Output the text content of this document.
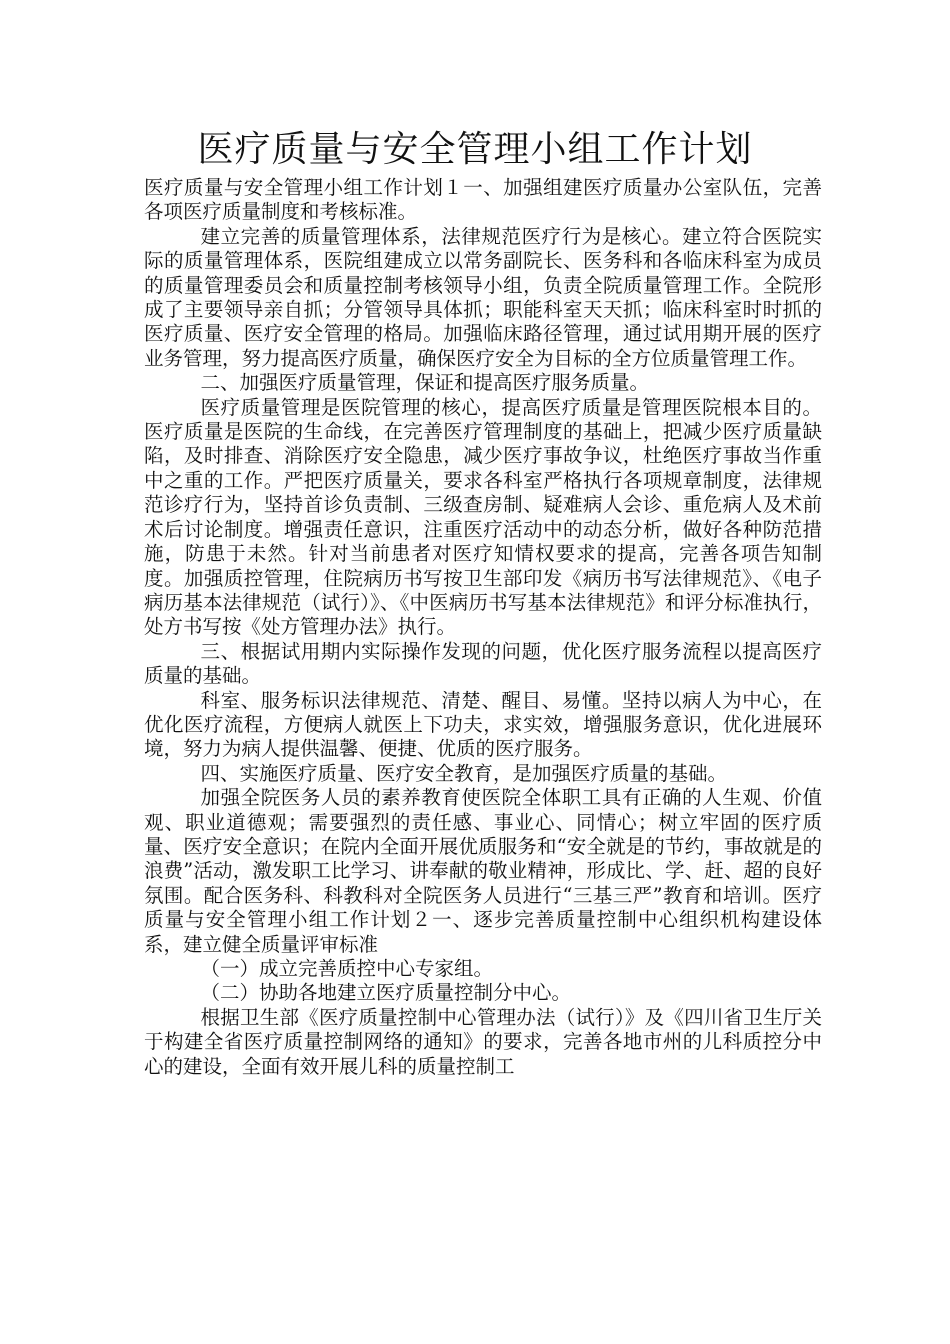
医疗质量与安全管理小组工作计划

医疗质量与安全管理小组工作计划１一、加强组建医疗质量办公室队伍，完善各项医疗质量制度和考核标准。

建立完善的质量管理体系，法律规范医疗行为是核心。建立符合医院实际的质量管理体系，医院组建成立以常务副院长、医务科和各临床科室为成员的质量管理委员会和质量控制考核领导小组，负责全院质量管理工作。全院形成了主要领导亲自抓；分管领导具体抓；职能科室天天抓；临床科室时时抓的医疗质量、医疗安全管理的格局。加强临床路径管理，通过试用期开展的医疗业务管理，努力提高医疗质量，确保医疗安全为目标的全方位质量管理工作。

二、加强医疗质量管理，保证和提高医疗服务质量。

医疗质量管理是医院管理的核心，提高医疗质量是管理医院根本目的。医疗质量是医院的生命线，在完善医疗管理制度的基础上，把减少医疗质量缺陷，及时排查、消除医疗安全隐患，减少医疗事故争议，杜绝医疗事故当作重中之重的工作。严把医疗质量关，要求各科室严格执行各项规章制度，法律规范诊疗行为，坚持首诊负责制、三级查房制、疑难病人会诊、重危病人及术前术后讨论制度。增强责任意识，注重医疗活动中的动态分析，做好各种防范措施，防患于未然。针对当前患者对医疗知情权要求的提高，完善各项告知制度。加强质控管理，住院病历书写按卫生部印发《病历书写法律规范》、《电子病历基本法律规范（试行）》、《中医病历书写基本法律规范》和评分标准执行，处方书写按《处方管理办法》执行。

三、根据试用期内实际操作发现的问题，优化医疗服务流程以提高医疗质量的基础。

科室、服务标识法律规范、清楚、醒目、易懂。坚持以病人为中心，在优化医疗流程，方便病人就医上下功夫，求实效，增强服务意识，优化进展环境，努力为病人提供温馨、便捷、优质的医疗服务。

四、实施医疗质量、医疗安全教育，是加强医疗质量的基础。

加强全院医务人员的素养教育使医院全体职工具有正确的人生观、价值观、职业道德观；需要强烈的责任感、事业心、同情心；树立牢固的医疗质量、医疗安全意识；在院内全面开展优质服务和“安全就是的节约，事故就是的浪费”活动，激发职工比学习、讲奉献的敬业精神，形成比、学、赶、超的良好氛围。配合医务科、科教科对全院医务人员进行“三基三严”教育和培训。医疗质量与安全管理小组工作计划２一、逐步完善质量控制中心组织机构建设体系，建立健全质量评审标准

（一）成立完善质控中心专家组。

（二）协助各地建立医疗质量控制分中心。

根据卫生部《医疗质量控制中心管理办法（试行）》及《四川省卫生厅关于构建全省医疗质量控制网络的通知》的要求，完善各地市州的儿科质控分中心的建设，全面有效开展儿科的质量控制工
